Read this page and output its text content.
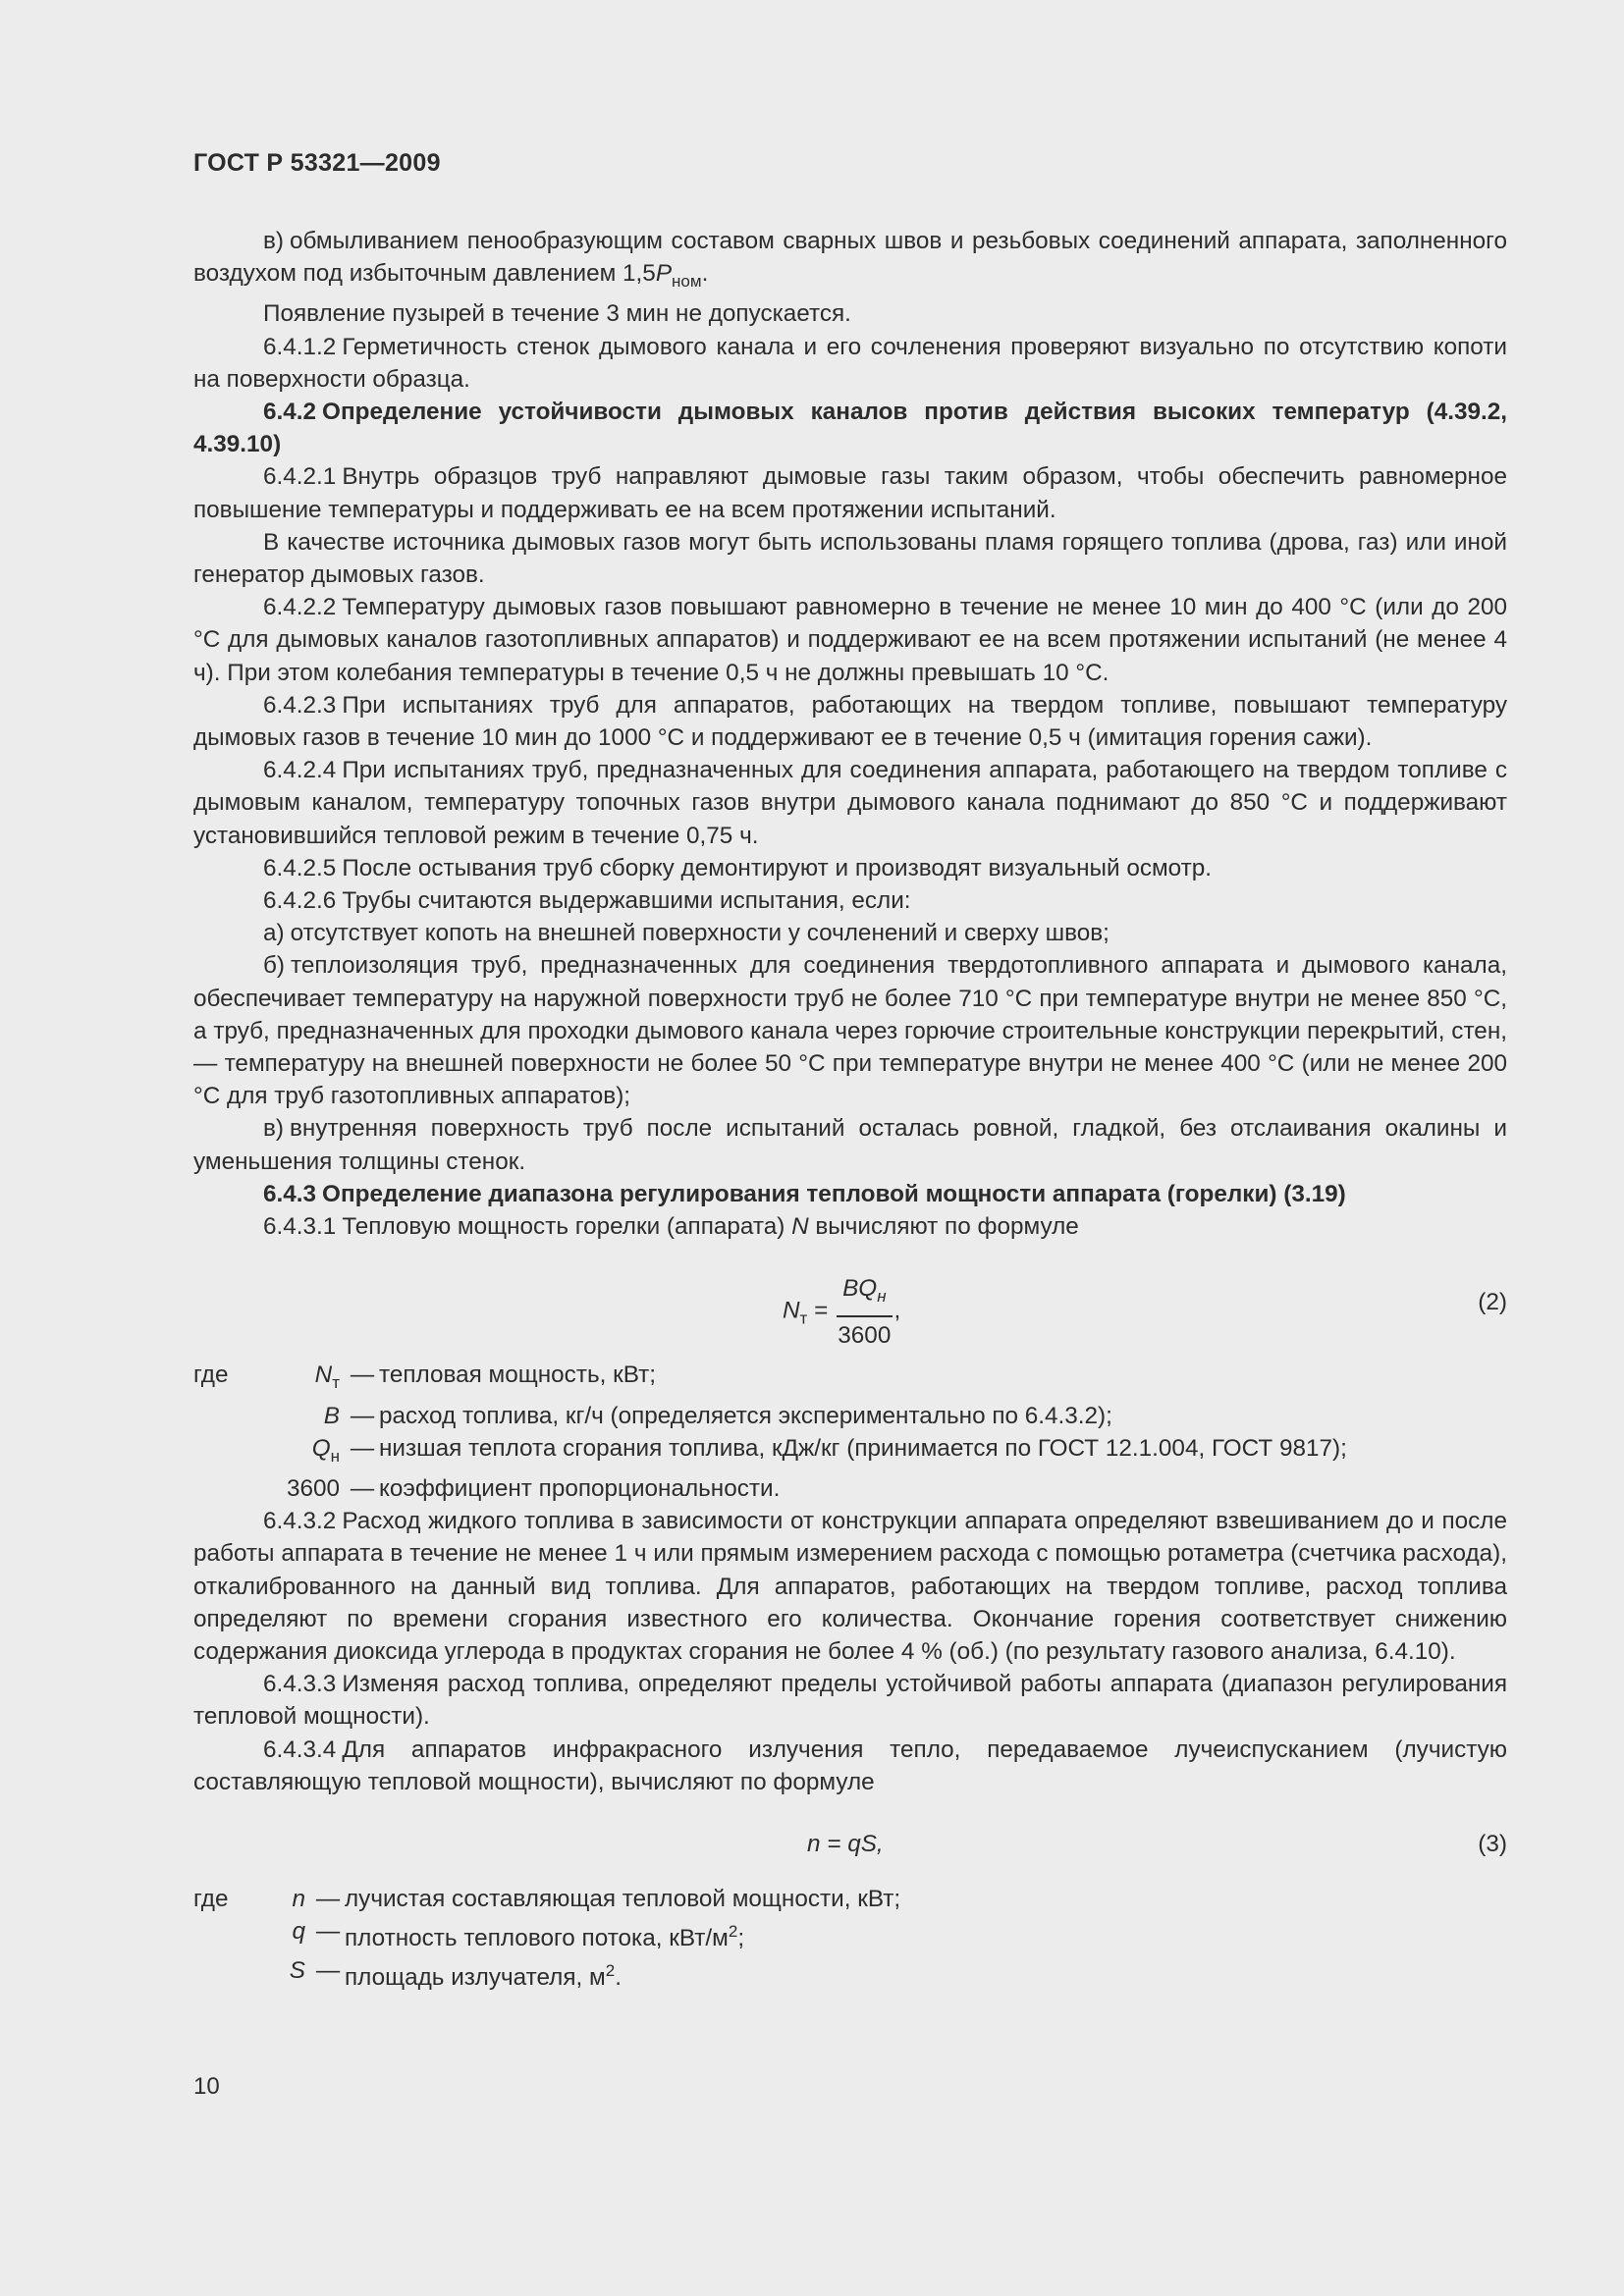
ГОСТ Р 53321—2009

в) обмыливанием пенообразующим составом сварных швов и резьбовых соединений аппарата, заполненного воздухом под избыточным давлением $1,5P_{ном}$.

Появление пузырей в течение 3 мин не допускается.

6.4.1.2 Герметичность стенок дымового канала и его сочленения проверяют визуально по отсутствию копоти на поверхности образца.

6.4.2 Определение устойчивости дымовых каналов против действия высоких температур (4.39.2, 4.39.10)

6.4.2.1 Внутрь образцов труб направляют дымовые газы таким образом, чтобы обеспечить равномерное повышение температуры и поддерживать ее на всем протяжении испытаний.

В качестве источника дымовых газов могут быть использованы пламя горящего топлива (дрова, газ) или иной генератор дымовых газов.

6.4.2.2 Температуру дымовых газов повышают равномерно в течение не менее 10 мин до 400 °С (или до 200 °С для дымовых каналов газотопливных аппаратов) и поддерживают ее на всем протяжении испытаний (не менее 4 ч). При этом колебания температуры в течение 0,5 ч не должны превышать 10 °С.

6.4.2.3 При испытаниях труб для аппаратов, работающих на твердом топливе, повышают температуру дымовых газов в течение 10 мин до 1000 °С и поддерживают ее в течение 0,5 ч (имитация горения сажи).

6.4.2.4 При испытаниях труб, предназначенных для соединения аппарата, работающего на твердом топливе с дымовым каналом, температуру топочных газов внутри дымового канала поднимают до 850 °С и поддерживают установившийся тепловой режим в течение 0,75 ч.

6.4.2.5 После остывания труб сборку демонтируют и производят визуальный осмотр.

6.4.2.6 Трубы считаются выдержавшими испытания, если:

а) отсутствует копоть на внешней поверхности у сочленений и сверху швов;

б) теплоизоляция труб, предназначенных для соединения твердотопливного аппарата и дымового канала, обеспечивает температуру на наружной поверхности труб не более 710 °С при температуре внутри не менее 850 °С, а труб, предназначенных для проходки дымового канала через горючие строительные конструкции перекрытий, стен, — температуру на внешней поверхности не более 50 °С при температуре внутри не менее 400 °С (или не менее 200 °С для труб газотопливных аппаратов);

в) внутренняя поверхность труб после испытаний осталась ровной, гладкой, без отслаивания окалины и уменьшения толщины стенок.

6.4.3 Определение диапазона регулирования тепловой мощности аппарата (горелки) (3.19)

6.4.3.1 Тепловую мощность горелки (аппарата) N вычисляют по формуле

$N_т = \frac{BQ_н}{3600}$ ,	(2)
где	$N_т$ — тепловая мощность, кВт;
B — расход топлива, кг/ч (определяется экспериментально по 6.4.3.2);
$Q_н$ — низшая теплота сгорания топлива, кДж/кг (принимается по ГОСТ 12.1.004, ГОСТ 9817);
3600 — коэффициент пропорциональности.

6.4.3.2 Расход жидкого топлива в зависимости от конструкции аппарата определяют взвешиванием до и после работы аппарата в течение не менее 1 ч или прямым измерением расхода с помощью ротаметра (счетчика расхода), откалиброванного на данный вид топлива. Для аппаратов, работающих на твердом топливе, расход топлива определяют по времени сгорания известного его количества. Окончание горения соответствует снижению содержания диоксида углерода в продуктах сгорания не более 4 % (об.) (по результату газового анализа, 6.4.10).

6.4.3.3 Изменяя расход топлива, определяют пределы устойчивой работы аппарата (диапазон регулирования тепловой мощности).

6.4.3.4 Для аппаратов инфракрасного излучения тепло, передаваемое лучеиспусканием (лучистую составляющую тепловой мощности), вычисляют по формуле

n = qS,	(3)
где	n — лучистая составляющая тепловой мощности, кВт;
q — плотность теплового потока, кВт/$м^2$;
S — площадь излучателя, $м^2$.
10
